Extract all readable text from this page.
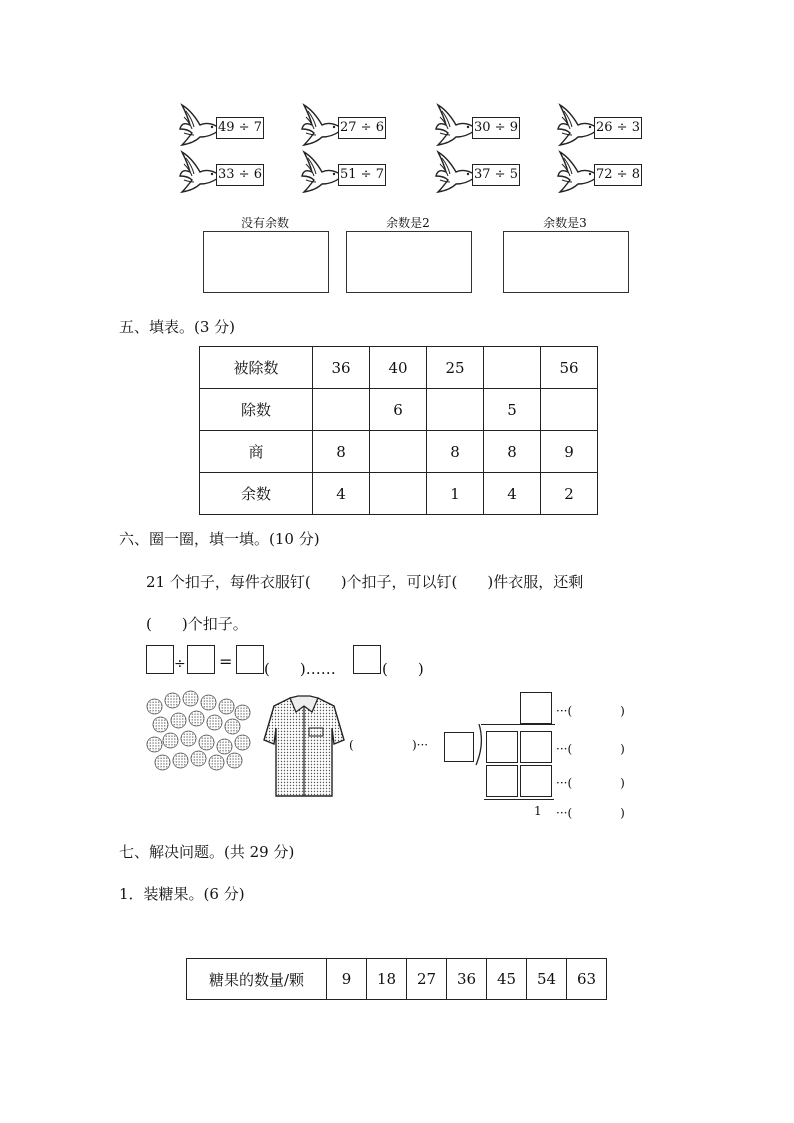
49 ÷ 7	27 ÷ 6	30 ÷ 9	26 ÷ 3
33 ÷ 6	51 ÷ 7	37 ÷ 5	72 ÷ 8
没有余数	余数是2	余数是3
五、填表。(3 分)
被除数	36	40	25		56
除数		6		5	
商	8		8	8	9
余数	4		1	4	2
六、圈一圈，填一填。(10 分)
21 个扣子，每件衣服钉(　　)个扣子，可以钉(　　)件衣服，还剩
(　　)个扣子。
÷ = (　　)……	(　　)
(	)···
1
···(　　　　)
···(　　　　)
···(　　　　)
···(　　　　)
七、解决问题。(共 29 分)
1．装糖果。(6 分)
糖果的数量/颗	9	18	27	36	45	54	63
